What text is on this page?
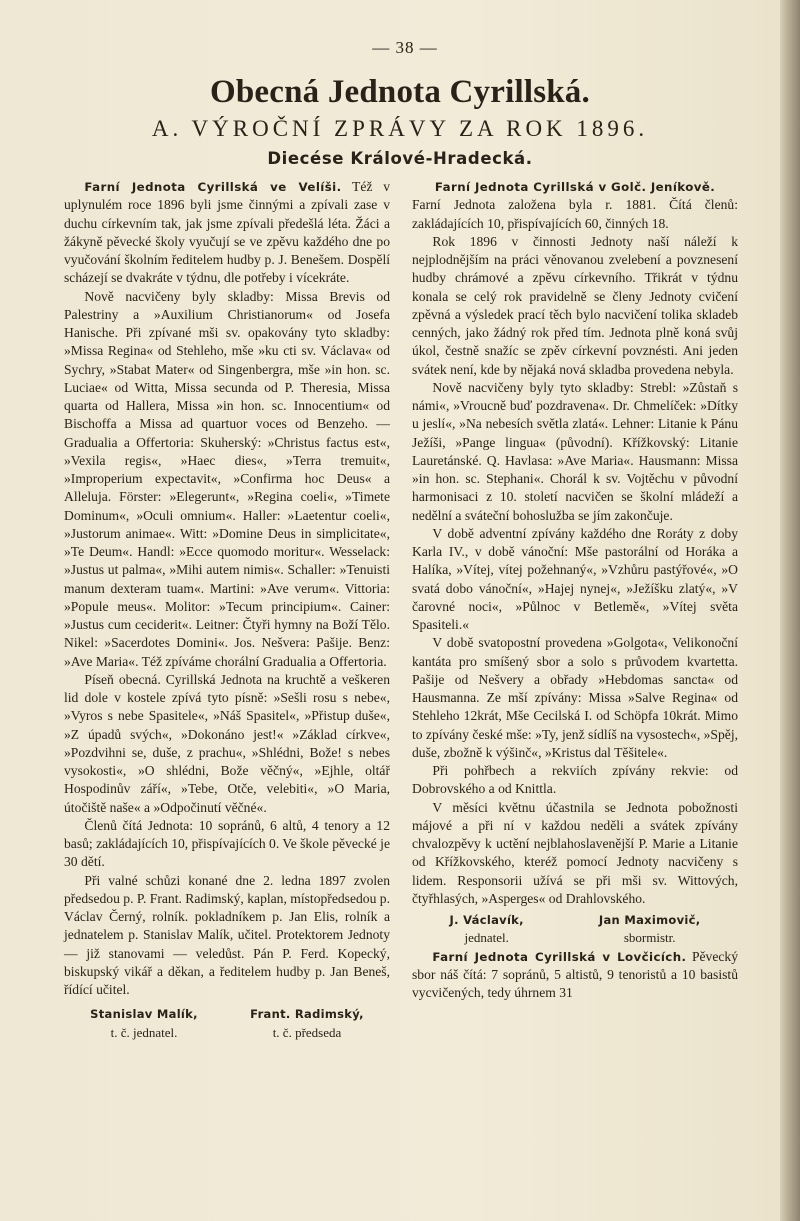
— 38 —
Obecná Jednota Cyrillská.
A. VÝROČNÍ ZPRÁVY ZA ROK 1896.
Diecése Králové-Hradecká.

Farní Jednota Cyrillská ve Velíši. Též v uplynulém roce 1896 byli jsme činnými a zpívali zase v duchu církevním tak, jak jsme zpívali předešlá léta. Žáci a žákyně pěvecké školy vyučují se ve zpěvu každého dne po vyučování školním ředitelem hudby p. J. Benešem. Dospělí scházejí se dvakráte v týdnu, dle potřeby i vícekráte.

Nově nacvičeny byly skladby: Missa Brevis od Palestriny a »Auxilium Christianorum« od Josefa Hanische. Při zpívané mši sv. opakovány tyto skladby: »Missa Regina« od Stehleho, mše »ku cti sv. Václava« od Sychry, »Stabat Mater« od Singenbergra, mše »in hon. sc. Luciae« od Witta, Missa secunda od P. Theresia, Missa quarta od Hallera, Missa »in hon. sc. Innocentium« od Bischoffa a Missa ad quartuor voces od Benzeho. — Gradualia a Offertoria: Skuherský: »Christus factus est«, »Vexila regis«, »Haec dies«, »Terra tremuit«, »Improperium expectavit«, »Confirma hoc Deus« a Alleluja. Förster: »Elegerunt«, »Regina coeli«, »Timete Dominum«, »Oculi omnium«. Haller: »Laetentur coeli«, »Justorum animae«. Witt: »Domine Deus in simplicitate«, »Te Deum«. Handl: »Ecce quomodo moritur«. Wesselack: »Justus ut palma«, »Mihi autem nimis«. Schaller: »Tenuisti manum dexteram tuam«. Martini: »Ave verum«. Vittoria: »Popule meus«. Molitor: »Tecum principium«. Cainer: »Justus cum ceciderit«. Leitner: Čtyři hymny na Boží Tělo. Nikel: »Sacerdotes Domini«. Jos. Nešvera: Pašije. Benz: »Ave Maria«. Též zpíváme chorální Gradualia a Offertoria.

Píseň obecná. Cyrillská Jednota na kruchtě a veškeren lid dole v kostele zpívá tyto písně: »Sešli rosu s nebe«, »Vyros s nebe Spasitele«, »Náš Spasitel«, »Přistup duše«, »Z úpadů svých«, »Dokonáno jest!« »Základ církve«, »Pozdvihni se, duše, z prachu«, »Shlédni, Bože! s nebes vysokosti«, »O shlédni, Bože věčný«, »Ejhle, oltář Hospodinův září«, »Tebe, Otče, velebiti«, »O Maria, útočiště naše« a »Odpočinutí věčné«.

Členů čítá Jednota: 10 sopránů, 6 altů, 4 tenory a 12 basů; zakládajících 10, přispívajících 0. Ve škole pěvecké je 30 dětí.

Při valné schůzi konané dne 2. ledna 1897 zvolen předsedou p. P. Frant. Radimský, kaplan, místopředsedou p. Václav Černý, rolník. pokladníkem p. Jan Elis, rolník a jednatelem p. Stanislav Malík, učitel. Protektorem Jednoty — již stanovami — veledůst. Pán P. Ferd. Kopecký, biskupský vikář a děkan, a ředitelem hudby p. Jan Beneš, řídící učitel.

Stanislav Malík,
t. č. jednatel.
Frant. Radimský,
t. č. předseda

Farní Jednota Cyrillská v Golč. Jeníkově.

Farní Jednota založena byla r. 1881. Čítá členů: zakládajících 10, přispívajících 60, činných 18.

Rok 1896 v činnosti Jednoty naší náleží k nejplodnějším na práci věnovanou zvelebení a povznesení hudby chrámové a zpěvu církevního. Třikrát v týdnu konala se celý rok pravidelně se členy Jednoty cvičení zpěvná a výsledek prací těch bylo nacvičení tolika skladeb cenných, jako žádný rok před tím. Jednota plně koná svůj úkol, čestně snažíc se zpěv církevní povznésti. Ani jeden svátek není, kde by nějaká nová skladba provedena nebyla.

Nově nacvičeny byly tyto skladby: Strebl: »Zůstaň s námi«, »Vroucně buď pozdravena«. Dr. Chmelíček: »Dítky u jeslí«, »Na nebesích světla zlatá«. Lehner: Litanie k Pánu Ježíši, »Pange lingua« (původní). Křížkovský: Litanie Lauretánské. Q. Havlasa: »Ave Maria«. Hausmann: Missa »in hon. sc. Stephani«. Chorál k sv. Vojtěchu v původní harmonisaci z 10. století nacvičen se školní mládeží a nedělní a sváteční bohoslužba se jím zakončuje.

V době adventní zpívány každého dne Roráty z doby Karla IV., v době vánoční: Mše pastorální od Horáka a Halíka, »Vítej, vítej požehnaný«, »Vzhůru pastýřové«, »O svatá dobo vánoční«, »Hajej nynej«, »Ježíšku zlatý«, »V čarovné noci«, »Půlnoc v Betlemě«, »Vítej světa Spasiteli.«

V době svatopostní provedena »Golgota«, Velikonoční kantáta pro smíšený sbor a solo s průvodem kvartetta. Pašije od Nešvery a obřady »Hebdomas sancta« od Hausmanna. Ze mší zpívány: Missa »Salve Regina« od Stehleho 12krát, Mše Cecilská I. od Schöpfa 10krát. Mimo to zpívány české mše: »Ty, jenž sídlíš na vysostech«, »Spěj, duše, zbožně k výšinč«, »Kristus dal Těšitele«.

Při pohřbech a rekviích zpívány rekvie: od Dobrovského a od Knittla.

V měsíci květnu účastnila se Jednota pobožnosti májové a při ní v každou neděli a svátek zpívány chvalozpěvy k uctění nejblahoslavenější P. Marie a Litanie od Křížkovského, kteréž pomocí Jednoty nacvičeny s lidem. Responsorii užívá se při mši sv. Wittových, čtyřhlasých, »Asperges« od Drahlovského.

J. Václavík,
jednatel.
Jan Maximovič,
sbormistr.

Farní Jednota Cyrillská v Lovčicích. Pěvecký sbor náš čítá: 7 sopránů, 5 altistů, 9 tenoristů a 10 basistů vycvičených, tedy úhrnem 31
